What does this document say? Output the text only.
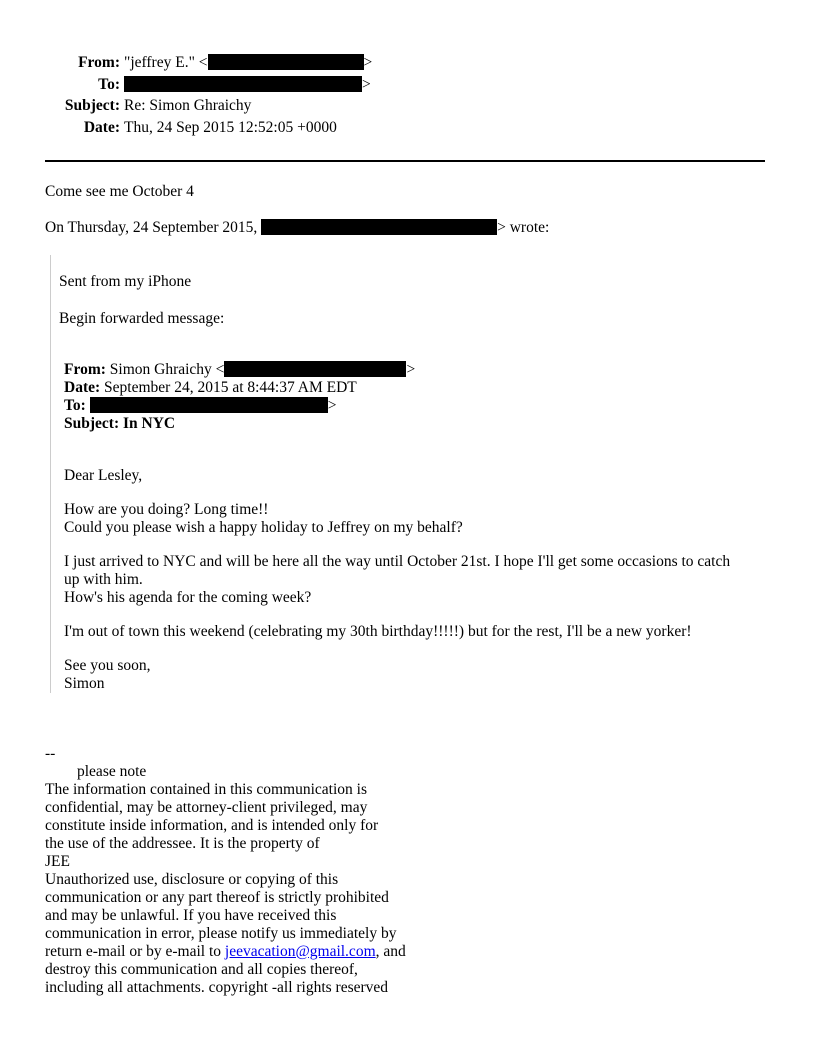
From: "jeffrey E." <	>
To:	>
Subject: Re: Simon Ghraichy
Date: Thu, 24 Sep 2015 12:52:05 +0000
Come see me October 4
On Thursday, 24 September 2015,	> wrote:
Sent from my iPhone
Begin forwarded message:
From: Simon Ghraichy <	>
Date: September 24, 2015 at 8:44:37 AM EDT
To:	>
Subject: In NYC
Dear Lesley,
How are you doing? Long time!!
Could you please wish a happy holiday to Jeffrey on my behalf?
I just arrived to NYC and will be here all the way until October 21st. I hope I'll get some occasions to catch
up with him.
How's his agenda for the coming week?
I'm out of town this weekend (celebrating my 30th birthday!!!!!) but for the rest, I'll be a new yorker!
See you soon,
Simon
--
please note
The information contained in this communication is
confidential, may be attorney-client privileged, may
constitute inside information, and is intended only for
the use of the addressee. It is the property of
JEE
Unauthorized use, disclosure or copying of this
communication or any part thereof is strictly prohibited
and may be unlawful. If you have received this
communication in error, please notify us immediately by
return e-mail or by e-mail to jeevacation@gmail.com, and
destroy this communication and all copies thereof,
including all attachments. copyright -all rights reserved
